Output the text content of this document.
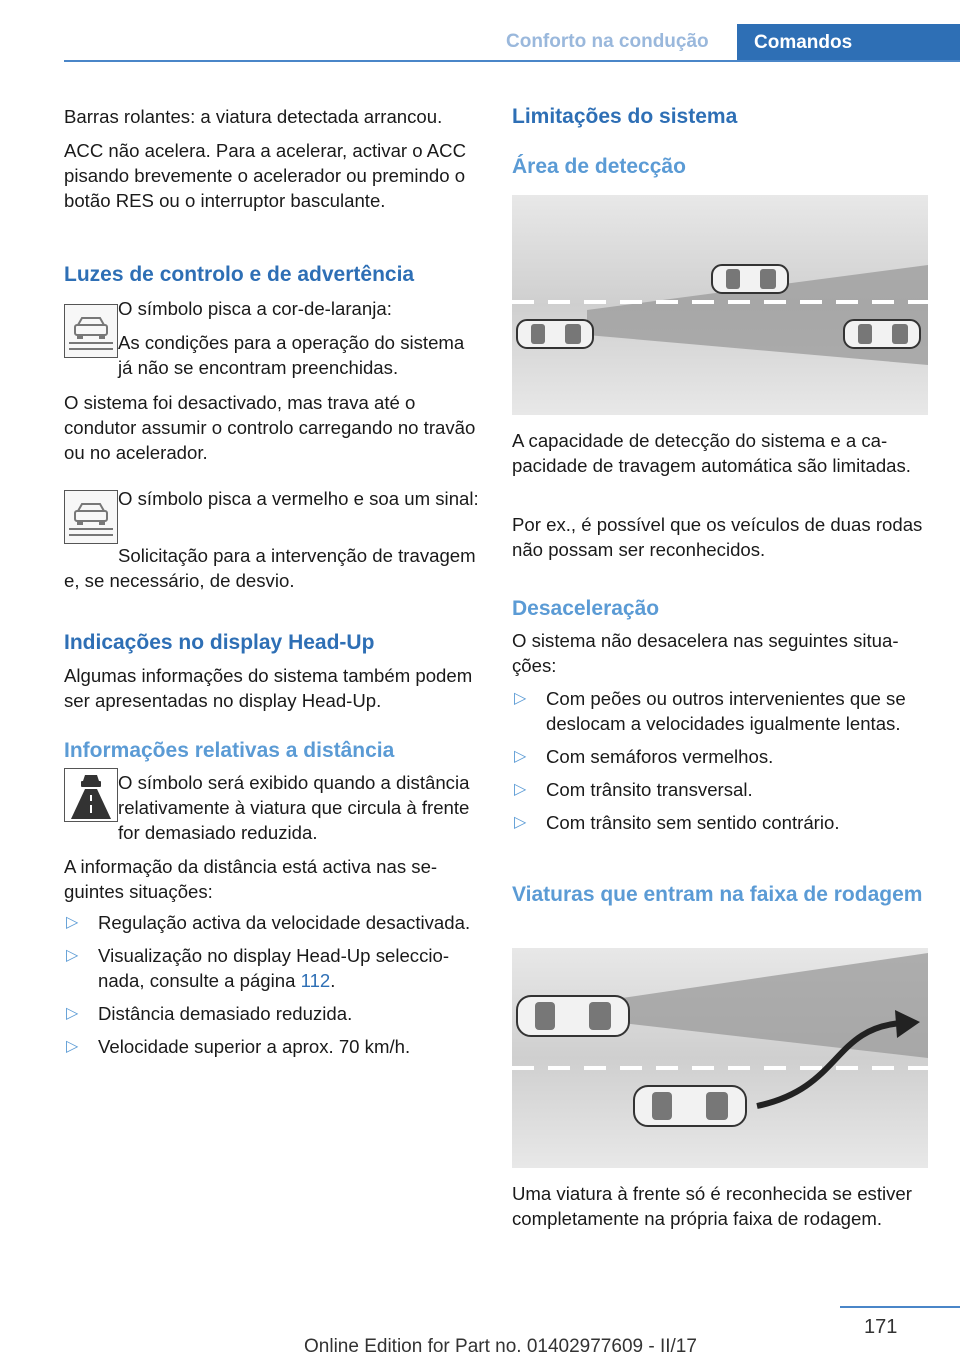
Conforto na condução	Comandos

Barras rolantes: a viatura detectada arrancou.

ACC não acelera. Para a acelerar, activar o ACC pisando brevemente o acelerador ou premindo o botão RES ou o interruptor basculante.

Luzes de controlo e de advertência

O símbolo pisca a cor-de-laranja:

As condições para a operação do sistema já não se encontram preenchidas.

O sistema foi desactivado, mas trava até o condutor assumir o controlo carregando no travão ou no acelerador.

O símbolo pisca a vermelho e soa um sinal:

Solicitação para a intervenção de travagem e, se necessário, de desvio.

Indicações no display Head-Up

Algumas informações do sistema também podem ser apresentadas no display Head-Up.

Informações relativas a distância

O símbolo será exibido quando a distância relativamente à viatura que circula à frente for demasiado reduzida.

A informação da distância está activa nas seguintes situações:

▷ Regulação activa da velocidade desactivada.

▷ Visualização no display Head-Up seleccionada, consulte a página 112.

▷ Distância demasiado reduzida.

▷ Velocidade superior a aprox. 70 km/h.

Limitações do sistema
Área de detecção

A capacidade de detecção do sistema e a capacidade de travagem automática são limitadas.

Por ex., é possível que os veículos de duas rodas não possam ser reconhecidos.

Desaceleração

O sistema não desacelera nas seguintes situações:

▷ Com peões ou outros intervenientes que se deslocam a velocidades igualmente lentas.

▷ Com semáforos vermelhos.

▷ Com trânsito transversal.

▷ Com trânsito sem sentido contrário.

Viaturas que entram na faixa de rodagem

Uma viatura à frente só é reconhecida se estiver completamente na própria faixa de rodagem.

171
Online Edition for Part no. 01402977609 - II/17
